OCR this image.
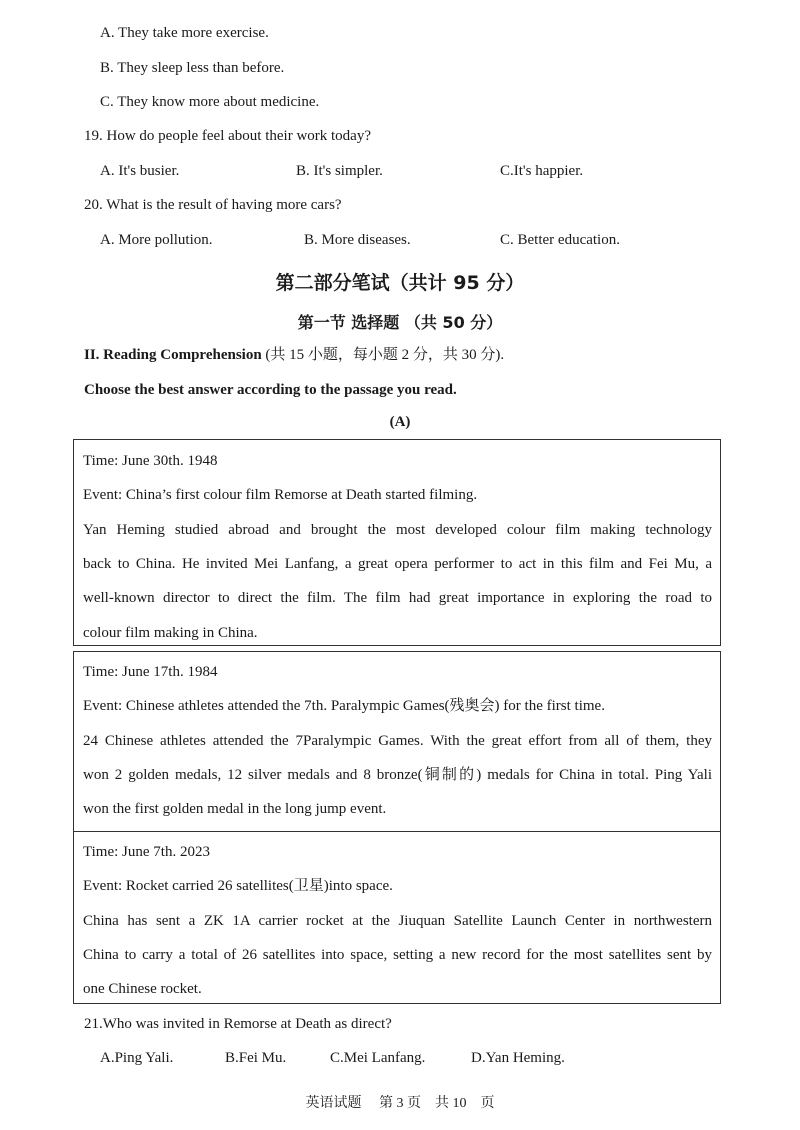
A. They take more exercise.
B. They sleep less than before.
C. They know more about medicine.
19. How do people feel about their work today?
A. It's busier.	B. It's simpler.	C.It's happier.
20. What is the result of having more cars?
A. More pollution.	B. More diseases.	C. Better education.
第二部分笔试（共计 95 分）
第一节 选择题 （共 50 分）
II. Reading Comprehension (共 15 小题，每小题 2 分，共 30 分).
Choose the best answer according to the passage you read.
(A)
Time: June 30th. 1948
Event: China’s first colour film Remorse at Death started filming.
Yan Heming studied abroad and brought the most developed colour film making technology
back to China. He invited Mei Lanfang, a great opera performer to act in this film and Fei Mu, a
well-known director to direct the film. The film had great importance in exploring the road to
colour film making in China.
Time: June 17th. 1984
Event: Chinese athletes attended the 7th. Paralympic Games(残奥会) for the first time.
24 Chinese athletes attended the 7Paralympic Games. With the great effort from all of them, they
won 2 golden medals, 12 silver medals and 8 bronze(铜制的) medals for China in total. Ping Yali
won the first golden medal in the long jump event.
Time: June 7th. 2023
Event: Rocket carried 26 satellites(卫星)into space.
China has sent a ZK 1A carrier rocket at the Jiuquan Satellite Launch Center in northwestern
China to carry a total of 26 satellites into space, setting a new record for the most satellites sent by
one Chinese rocket.
21.Who was invited in Remorse at Death as direct?
A.Ping Yali.	B.Fei Mu.	C.Mei Lanfang.	D.Yan Heming.
英语试题　 第 3 页　共 10　页
